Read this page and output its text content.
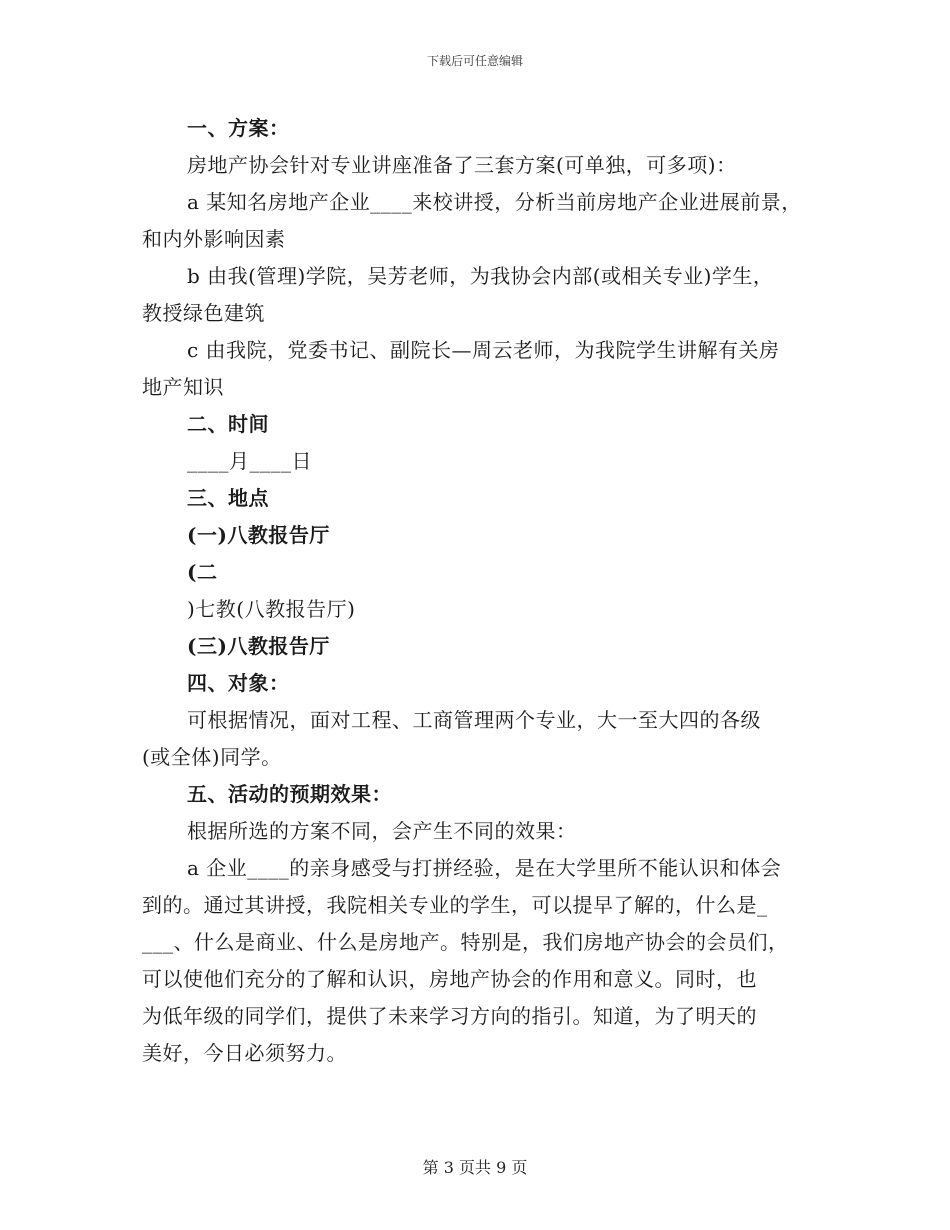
下载后可任意编辑
一、方案：
房地产协会针对专业讲座准备了三套方案(可单独，可多项)：
a 某知名房地产企业____来校讲授，分析当前房地产企业进展前景，
和内外影响因素
b 由我(管理)学院，吴芳老师，为我协会内部(或相关专业)学生，
教授绿色建筑
c 由我院，党委书记、副院长—周云老师，为我院学生讲解有关房
地产知识
二、时间
____月____日
三、地点
(一)八教报告厅
(二
)七教(八教报告厅)
(三)八教报告厅
四、对象：
可根据情况，面对工程、工商管理两个专业，大一至大四的各级
(或全体)同学。
五、活动的预期效果：
根据所选的方案不同，会产生不同的效果：
a 企业____的亲身感受与打拼经验，是在大学里所不能认识和体会
到的。通过其讲授，我院相关专业的学生，可以提早了解的，什么是_
___、什么是商业、什么是房地产。特别是，我们房地产协会的会员们，
可以使他们充分的了解和认识，房地产协会的作用和意义。同时，也
为低年级的同学们，提供了未来学习方向的指引。知道，为了明天的
美好，今日必须努力。
第 3 页共 9 页
